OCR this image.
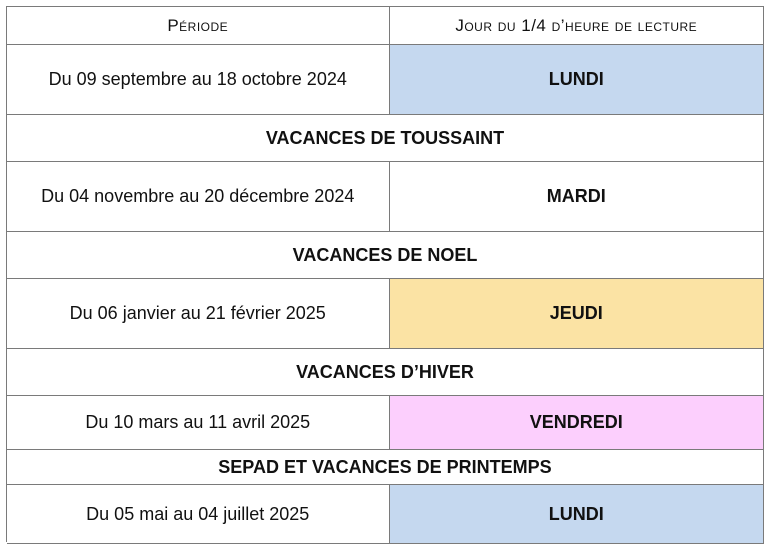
Période	Jour du 1/4 d’heure de lecture
Du 09 septembre au 18 octobre 2024	LUNDI
VACANCES DE TOUSSAINT
Du 04 novembre au 20 décembre 2024	MARDI
VACANCES DE NOEL
Du 06 janvier au 21 février 2025	JEUDI
VACANCES D’HIVER
Du 10 mars au 11 avril 2025	VENDREDI
SEPAD ET VACANCES DE PRINTEMPS
Du 05 mai au 04 juillet 2025	LUNDI
